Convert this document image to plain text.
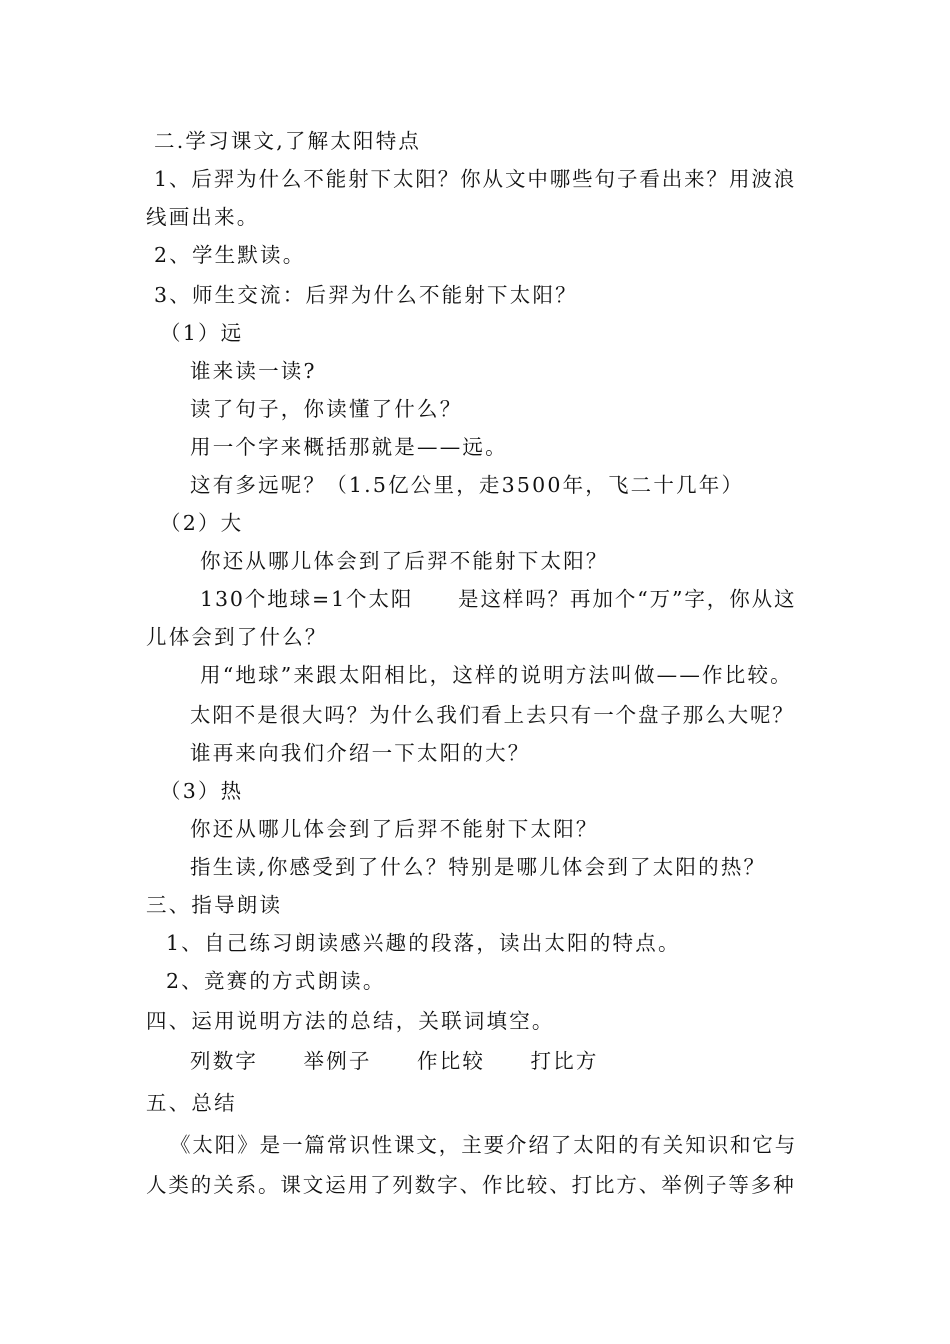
二.学习课文,了解太阳特点
1、后羿为什么不能射下太阳？你从文中哪些句子看出来？用波浪
线画出来。
2、学生默读。
3、师生交流：后羿为什么不能射下太阳？
（1）远
谁来读一读?
读了句子，你读懂了什么？
用一个字来概括那就是——远。
这有多远呢？（1.5亿公里，走3500年，飞二十几年）
（2）大
你还从哪儿体会到了后羿不能射下太阳？
130个地球=1个太阳　　是这样吗？再加个“万”字，你从这
儿体会到了什么？
用“地球”来跟太阳相比，这样的说明方法叫做——作比较。
太阳不是很大吗？为什么我们看上去只有一个盘子那么大呢？
谁再来向我们介绍一下太阳的大？
（3）热
你还从哪儿体会到了后羿不能射下太阳？
指生读,你感受到了什么？特别是哪儿体会到了太阳的热？
三、指导朗读
1、自己练习朗读感兴趣的段落，读出太阳的特点。
2、竞赛的方式朗读。
四、运用说明方法的总结，关联词填空。
列数字　　举例子　　作比较　　打比方
五、总结
《太阳》是一篇常识性课文，主要介绍了太阳的有关知识和它与
人类的关系。课文运用了列数字、作比较、打比方、举例子等多种
